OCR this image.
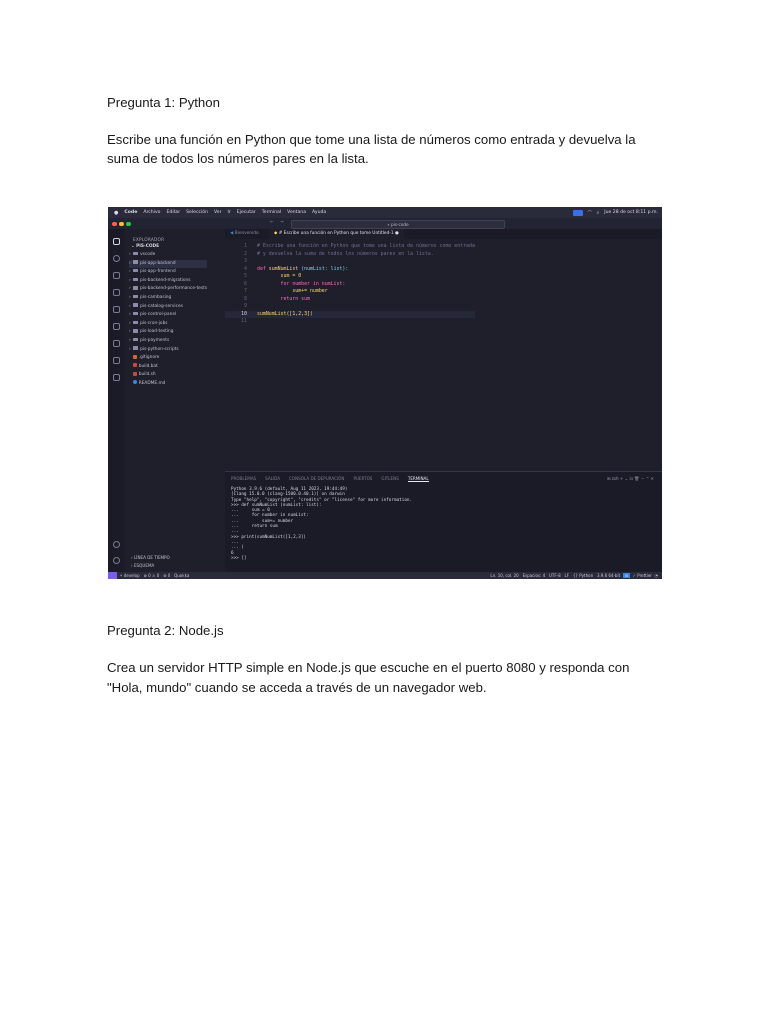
Pregunta 1: Python

Escribe una función en Python que tome una lista de números como entrada y devuelva la

suma de todos los números pares en la lista.

● Code Archivo Editar Selección Ver Ir Ejecutar Terminal Ventana Ayuda	◠ ⌕ Jue 28 de oct 8:11 p.m.
← →	⌕ pis-code
EXPLORADOR
⌄ PIS-CODE
› vscode
› pis-app-backend
› pis-app-frontend
› pis-backend-migrations
› pis-backend-performance-tests
› pis-cambasing
› pis-catalog-services
› pis-control-panel
› pis-cron-jobs
› pis-load-testing
› pis-payments
› pis-python-scripts
.gitignore
build.bat
build.sh
README.md
› LÍNEA DE TIEMPO
› ESQUEMA
◀ Bienvenido	◆ # Escribe una función en Python que tome Untitled-1 ●
1 # Escribe una función en Python que tome una lista de números como entrada
2 # y devuelva la suma de todos los números pares en la lista.
3
4 def sumNumList (numList: list):
5        sum = 0
6        for number in numList:
7            sum+= number
8        return sum
9
10 sumNumList([1,2,3])
11
PROBLEMAS SALIDA CONSOLA DE DEPURACIÓN PUERTOS GITLENS TERMINAL	⊞ zsh + ⌄ ⊡ 🗑 ··· ⌃ ✕
Python 3.9.6 (default, Aug 11 2023, 19:44:49)
[Clang 15.0.0 (clang-1500.0.40.1)] on darwin
Type "help", "copyright", "credits" or "license" for more information.
>>> def sumNumList (numList: list):
...     sum = 0
...     for number in numList:
...         sum+= number
...     return sum
...
>>> print(sumNumList([1,2,3])
...
... )
6
>>> []
⑂ develop ⊗ 0 ⚠ 0 ⊚ 0 Quokka	Ln. 10, col. 20 Espacios: 4 UTF-8 LF {} Python 3.9.6 64-bit ⊙ ✓ Prettier ◔

Pregunta 2: Node.js

Crea un servidor HTTP simple en Node.js que escuche en el puerto 8080 y responda con

"Hola, mundo" cuando se acceda a través de un navegador web.
